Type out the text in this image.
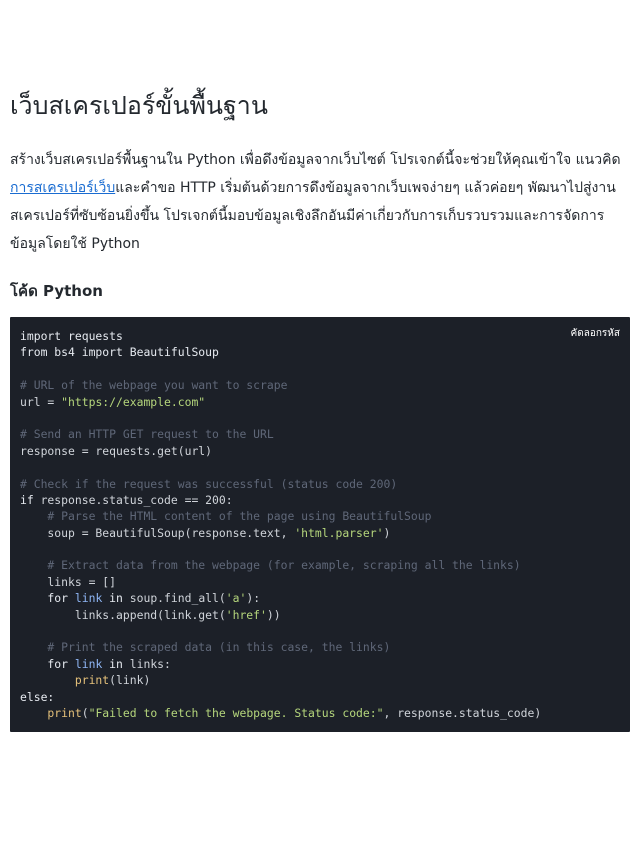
เว็บสเครเปอร์ขั้นพื้นฐาน

สร้างเว็บสเครเปอร์พื้นฐานใน Python เพื่อดึงข้อมูลจากเว็บไซต์ โปรเจกต์นี้จะช่วยให้คุณเข้าใจ แนวคิด การสเครเปอร์เว็บและคำขอ HTTP เริ่มต้นด้วยการดึงข้อมูลจากเว็บเพจง่ายๆ แล้วค่อยๆ พัฒนาไปสู่งานสเครเปอร์ที่ซับซ้อนยิ่งขึ้น โปรเจกต์นี้มอบข้อมูลเชิงลึกอันมีค่าเกี่ยวกับการเก็บรวบรวมและการจัดการข้อมูลโดยใช้ Python

โค้ด Python
คัดลอกรหัส
import requests
from bs4 import BeautifulSoup

# URL of the webpage you want to scrape
url = "https://example.com"

# Send an HTTP GET request to the URL
response = requests.get(url)

# Check if the request was successful (status code 200)
if response.status_code == 200:
# Parse the HTML content of the page using BeautifulSoup
soup = BeautifulSoup(response.text, 'html.parser')

# Extract data from the webpage (for example, scraping all the links)
links = []
for link in soup.find_all('a'):
links.append(link.get('href'))

# Print the scraped data (in this case, the links)
for link in links:
print(link)
else:
print("Failed to fetch the webpage. Status code:", response.status_code)
